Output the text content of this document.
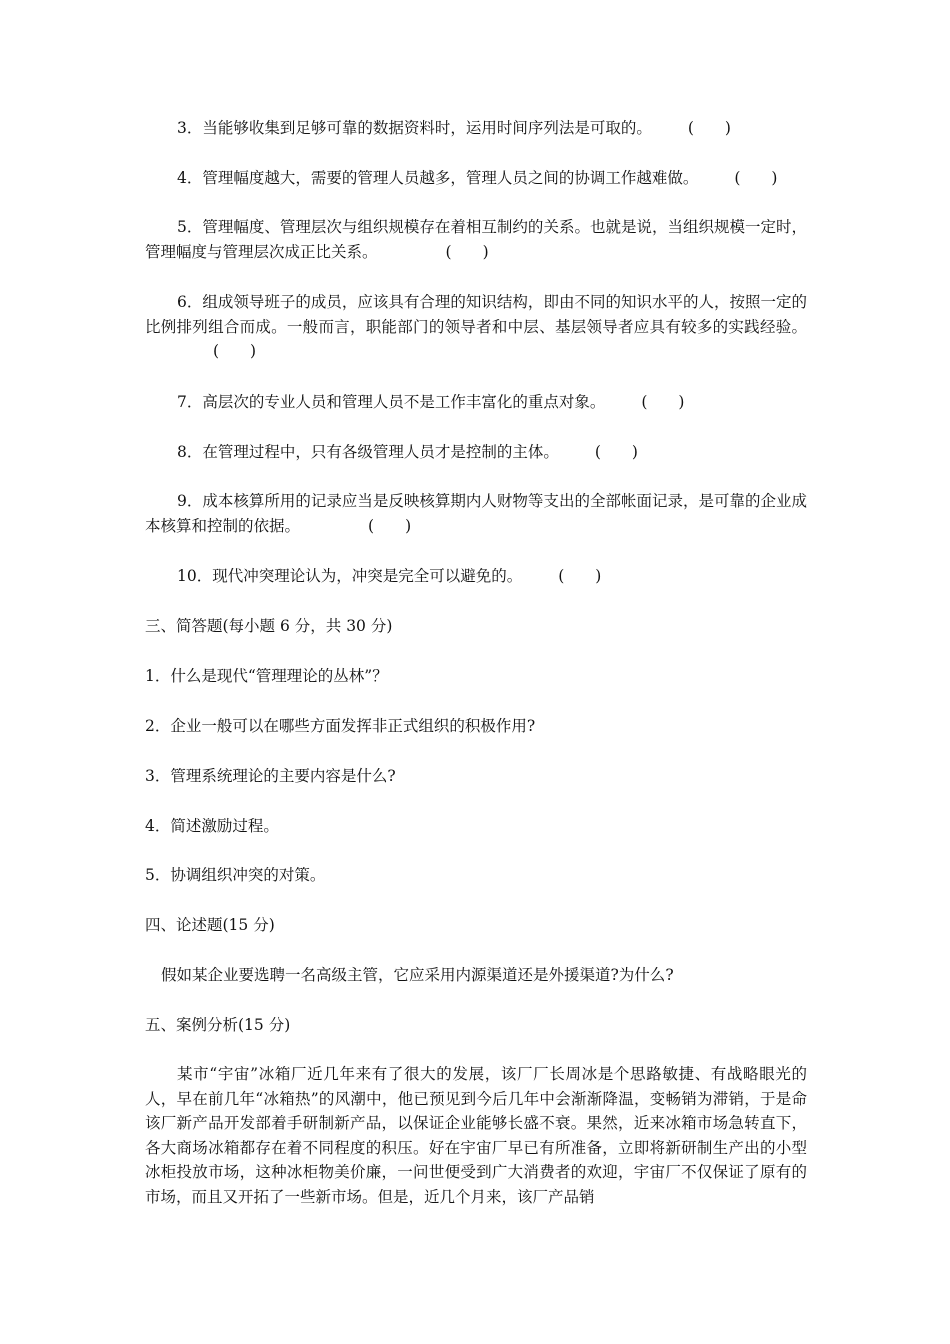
3．当能够收集到足够可靠的数据资料时，运用时间序列法是可取的。 (　　)
4．管理幅度越大，需要的管理人员越多，管理人员之间的协调工作越难做。 (　　)
5．管理幅度、管理层次与组织规模存在着相互制约的关系。也就是说，当组织规模一定时，管理幅度与管理层次成正比关系。	(　　)
6．组成领导班子的成员，应该具有合理的知识结构，即由不同的知识水平的人，按照一定的比例排列组合而成。一般而言，职能部门的领导者和中层、基层领导者应具有较多的实践经验。(　　)
7．高层次的专业人员和管理人员不是工作丰富化的重点对象。 (　　)
8．在管理过程中，只有各级管理人员才是控制的主体。 (　　)
9．成本核算所用的记录应当是反映核算期内人财物等支出的全部帐面记录，是可靠的企业成本核算和控制的依据。	(　　)
10．现代冲突理论认为，冲突是完全可以避免的。 (　　)
三、简答题(每小题 6 分，共 30 分)
1．什么是现代“管理理论的丛林”？
2．企业一般可以在哪些方面发挥非正式组织的积极作用?
3．管理系统理论的主要内容是什么?
4．简述激励过程。
5．协调组织冲突的对策。
四、论述题(15 分)
假如某企业要选聘一名高级主管，它应采用内源渠道还是外援渠道?为什么?
五、案例分析(15 分)
某市“宇宙”冰箱厂近几年来有了很大的发展，该厂厂长周冰是个思路敏捷、有战略眼光的人，早在前几年“冰箱热”的风潮中，他已预见到今后几年中会渐渐降温，变畅销为滞销，于是命该厂新产品开发部着手研制新产品，以保证企业能够长盛不衰。果然，近来冰箱市场急转直下，各大商场冰箱都存在着不同程度的积压。好在宇宙厂早已有所准备，立即将新研制生产出的小型冰柜投放市场，这种冰柜物美价廉，一问世便受到广大消费者的欢迎，宇宙厂不仅保证了原有的市场，而且又开拓了一些新市场。但是，近几个月来，该厂产品销
